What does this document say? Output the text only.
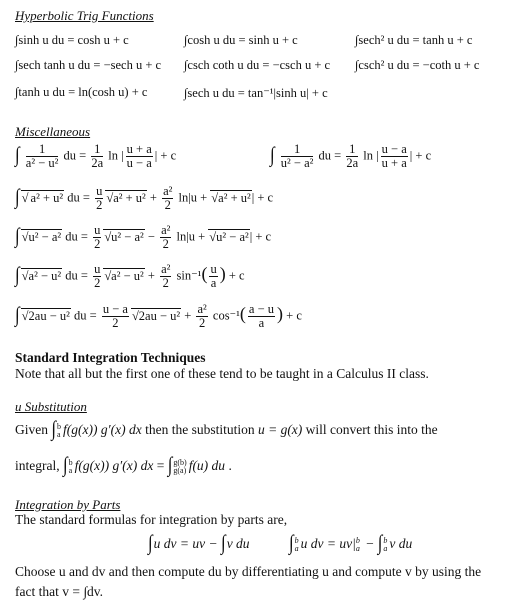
Hyperbolic Trig Functions
∫sinh u du = cosh u + c	∫cosh u du = sinh u + c	∫sech² u du = tanh u + c
∫sech tanh u du = −sech u + c ∫csch coth u du = −csch u + c ∫csch² u du = −coth u + c
∫tanh u du = ln(cosh u) + c	∫sech u du = tan⁻¹|sinh u| + c
Miscellaneous
∫ $\frac{1}{\text{a² − u²}}$ du = $\frac{1}{2a}$ ln | $\frac{u + a}{u - a}$ | + c	∫ $\frac{1}{\text{u² − a²}}$ du = $\frac{1}{2a}$ ln | $\frac{u - a}{u + a}$ | + c
∫ √ a² + u² du = $\frac{u}{2} √a^2 + u^2 + \frac{\text{a²}}{2} \ln|u + √a^2 + u^2| + c$
∫ √u² − a² du = $\frac{u}{2} √u^2 - a^2 - \frac{\text{a²}}{2} \ln|u + √u^2 - a^2| + c$
∫ √a² − u² du = $\frac{u}{2} √a^2 - u^2 + \frac{\text{a²}}{2} \sin^{-1}( \frac{u}{a}$ ) + c
∫ √2au − u² du = $\frac{u - a}{2} √2au - u^2 + \frac{\text{a²}}{2} \cos^{-1}( \frac{a - u}{a}$ ) + c
Standard Integration Techniques
Note that all but the first one of these tend to be taught in a Calculus II class.
u Substitution
Given ∫ b
a f(g(x)) g′(x) dx then the substitution u = g(x) will convert this into the
integral, ∫ b
a f(g(x)) g′(x) dx = ∫ g(b)
g(a) f(u) du .
Integration by Parts
The standard formulas for integration by parts are,
∫u dv = uv − ∫v du ∫ b
a u dv = uv| b
a − ∫ b
a v du
Choose u and dv and then compute du by differentiating u and compute v by using the
fact that v = ∫dv.
